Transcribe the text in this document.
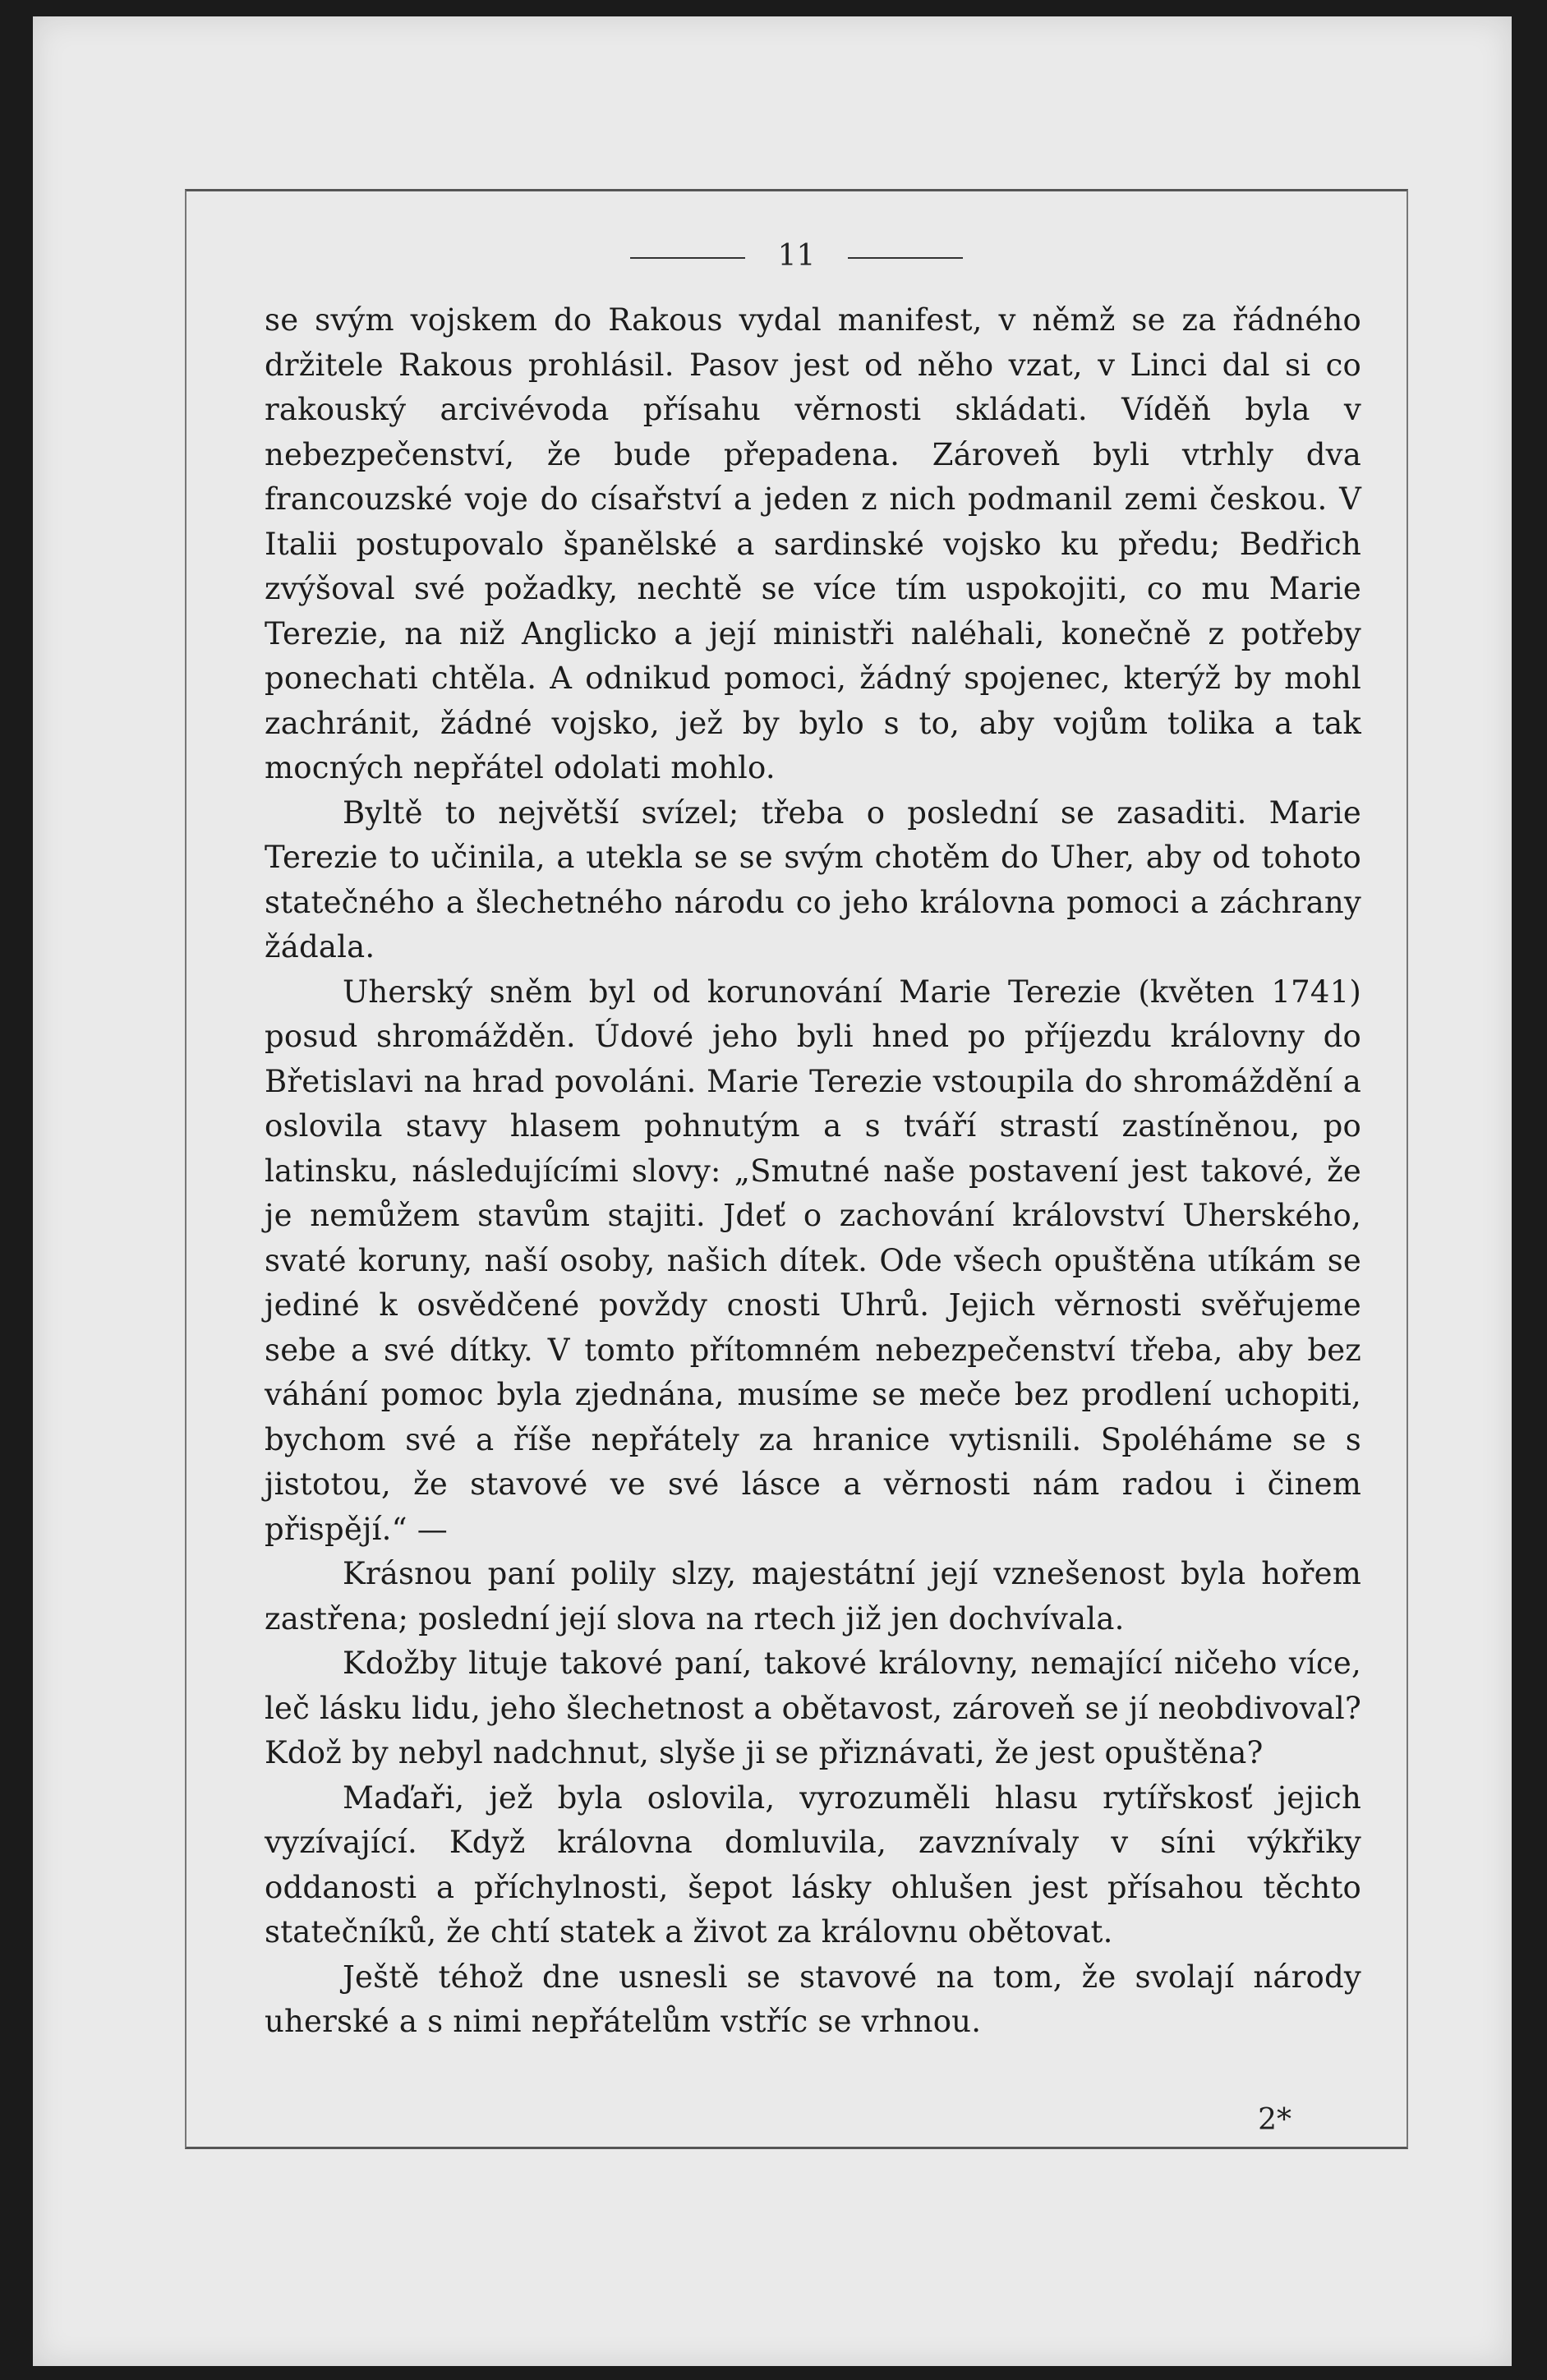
11

se svým vojskem do Rakous vydal manifest, v němž se za řádného držitele Rakous prohlásil. Pasov jest od něho vzat, v Linci dal si co rakouský arcivévoda přísahu věrnosti skládati. Víděň byla v nebezpečenství, že bude přepadena. Zároveň byli vtrhly dva francouzské voje do císařství a jeden z nich podmanil zemi českou. V Italii postupovalo španělské a sardinské vojsko ku předu; Bedřich zvýšoval své požadky, nechtě se více tím uspokojiti, co mu Marie Terezie, na niž Anglicko a její ministři naléhali, konečně z potřeby ponechati chtěla. A odnikud pomoci, žádný spojenec, kterýž by mohl zachránit, žádné vojsko, jež by bylo s to, aby vojům tolika a tak mocných nepřátel odolati mohlo.

Byltě to největší svízel; třeba o poslední se zasaditi. Marie Terezie to učinila, a utekla se se svým chotěm do Uher, aby od tohoto statečného a šlechetného národu co jeho královna pomoci a záchrany žádala.

Uherský sněm byl od korunování Marie Terezie (květen 1741) posud shromážděn. Údové jeho byli hned po příjezdu královny do Břetislavi na hrad povoláni. Marie Terezie vstoupila do shromáždění a oslovila stavy hlasem pohnutým a s tváří strastí zastíněnou, po latinsku, následujícími slovy: „Smutné naše postavení jest takové, že je nemůžem stavům stajiti. Jdeť o zachování království Uherského, svaté koruny, naší osoby, našich dítek. Ode všech opuštěna utíkám se jediné k osvědčené povždy cnosti Uhrů. Jejich věrnosti svěřujeme sebe a své dítky. V tomto přítomném nebezpečenství třeba, aby bez váhání pomoc byla zjednána, musíme se meče bez prodlení uchopiti, bychom své a říše nepřátely za hranice vytisnili. Spoléháme se s jistotou, že stavové ve své lásce a věrnosti nám radou i činem přispějí.“ —

Krásnou paní polily slzy, majestátní její vznešenost byla hořem zastřena; poslední její slova na rtech již jen dochvívala.

Kdožby lituje takové paní, takové královny, nemající ničeho více, leč lásku lidu, jeho šlechetnost a obětavost, zároveň se jí neobdivoval? Kdož by nebyl nadchnut, slyše ji se přiznávati, že jest opuštěna?

Maďaři, jež byla oslovila, vyrozuměli hlasu rytířskosť jejich vyzívající. Když královna domluvila, zavznívaly v síni výkřiky oddanosti a příchylnosti, šepot lásky ohlušen jest přísahou těchto statečníků, že chtí statek a život za královnu obětovat.

Ještě téhož dne usnesli se stavové na tom, že svolají národy uherské a s nimi nepřátelům vstříc se vrhnou.

2*
